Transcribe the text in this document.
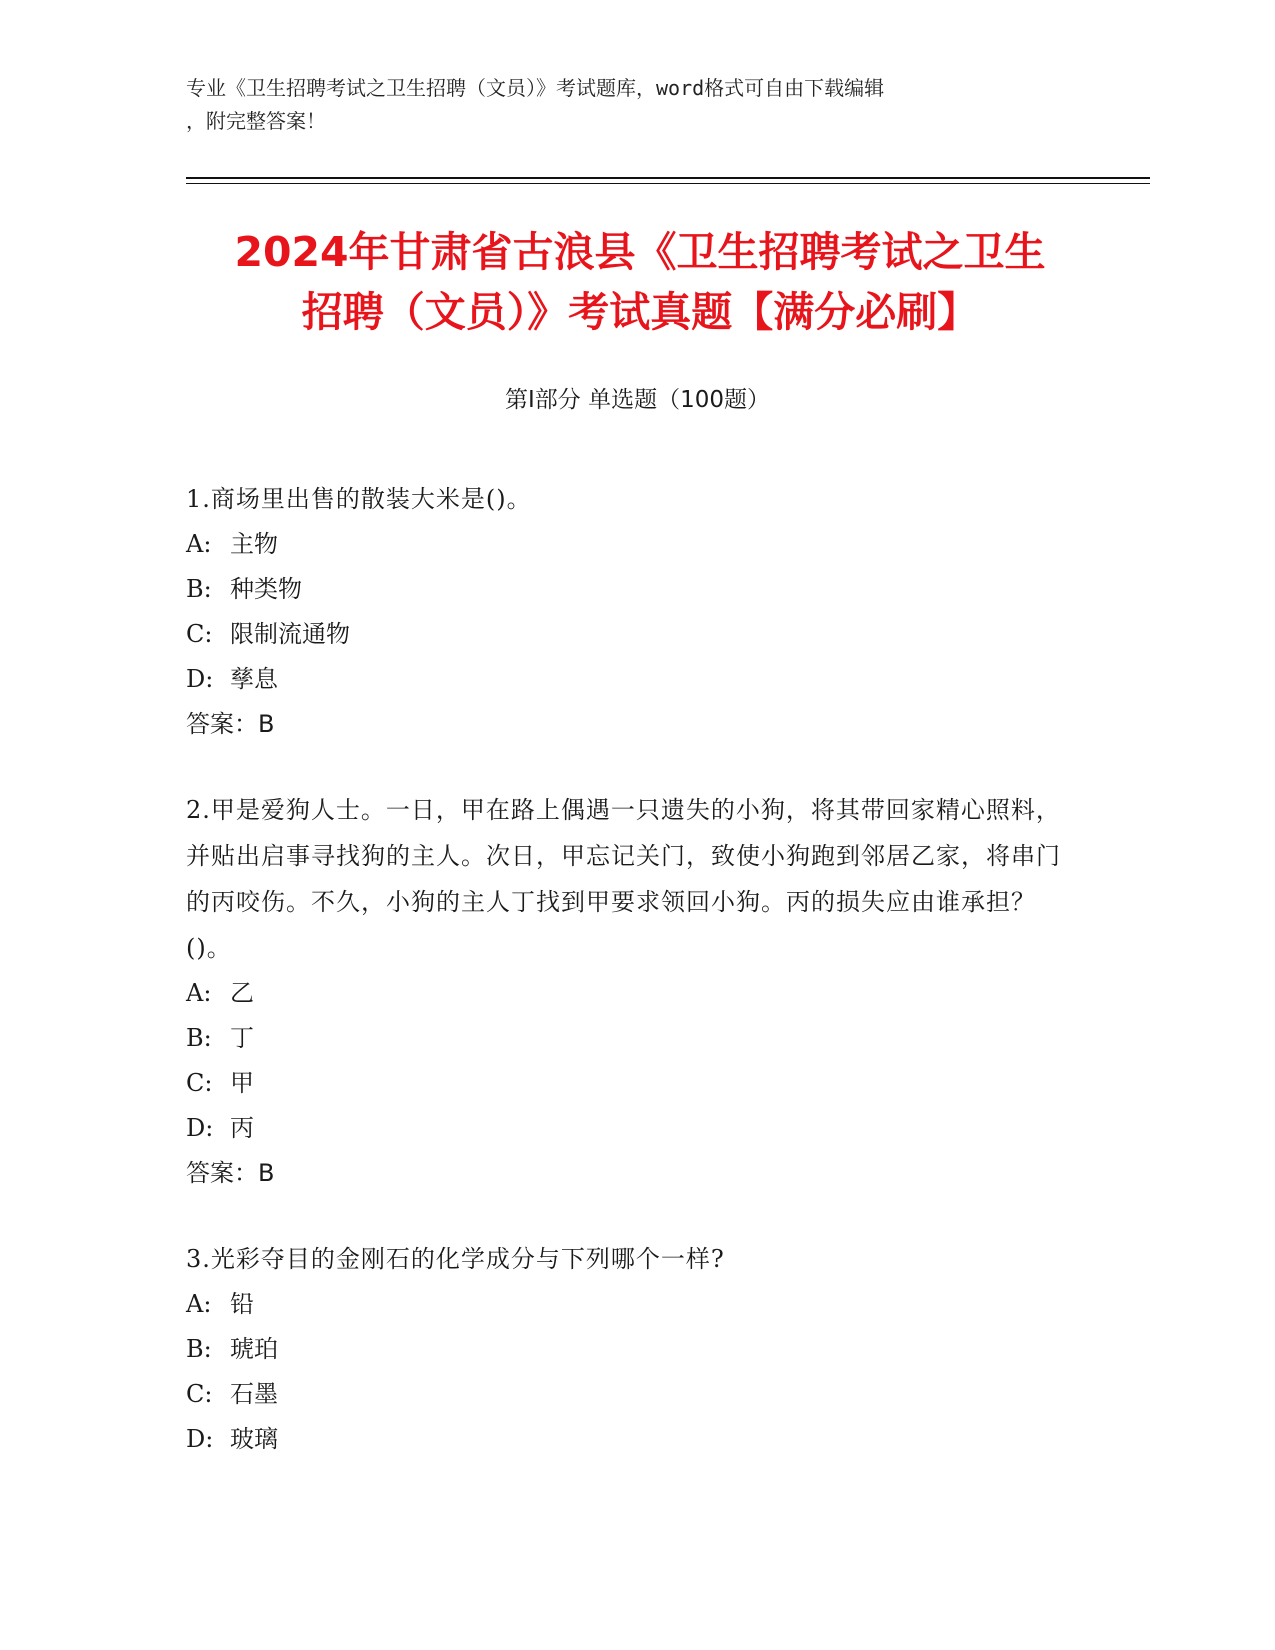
专业《卫生招聘考试之卫生招聘（文员）》考试题库，word格式可自由下载编辑
，附完整答案！
2024年甘肃省古浪县《卫生招聘考试之卫生
招聘（文员）》考试真题【满分必刷】
第I部分 单选题（100题）

1.商场里出售的散装大米是()。

A: 主物

B: 种类物

C: 限制流通物

D: 孳息

答案：B

2.甲是爱狗人士。一日，甲在路上偶遇一只遗失的小狗，将其带回家精心照料，并贴出启事寻找狗的主人。次日，甲忘记关门，致使小狗跑到邻居乙家，将串门的丙咬伤。不久，小狗的主人丁找到甲要求领回小狗。丙的损失应由谁承担？()。

A: 乙

B: 丁

C: 甲

D: 丙

答案：B

3.光彩夺目的金刚石的化学成分与下列哪个一样?

A: 铅

B: 琥珀

C: 石墨

D: 玻璃
